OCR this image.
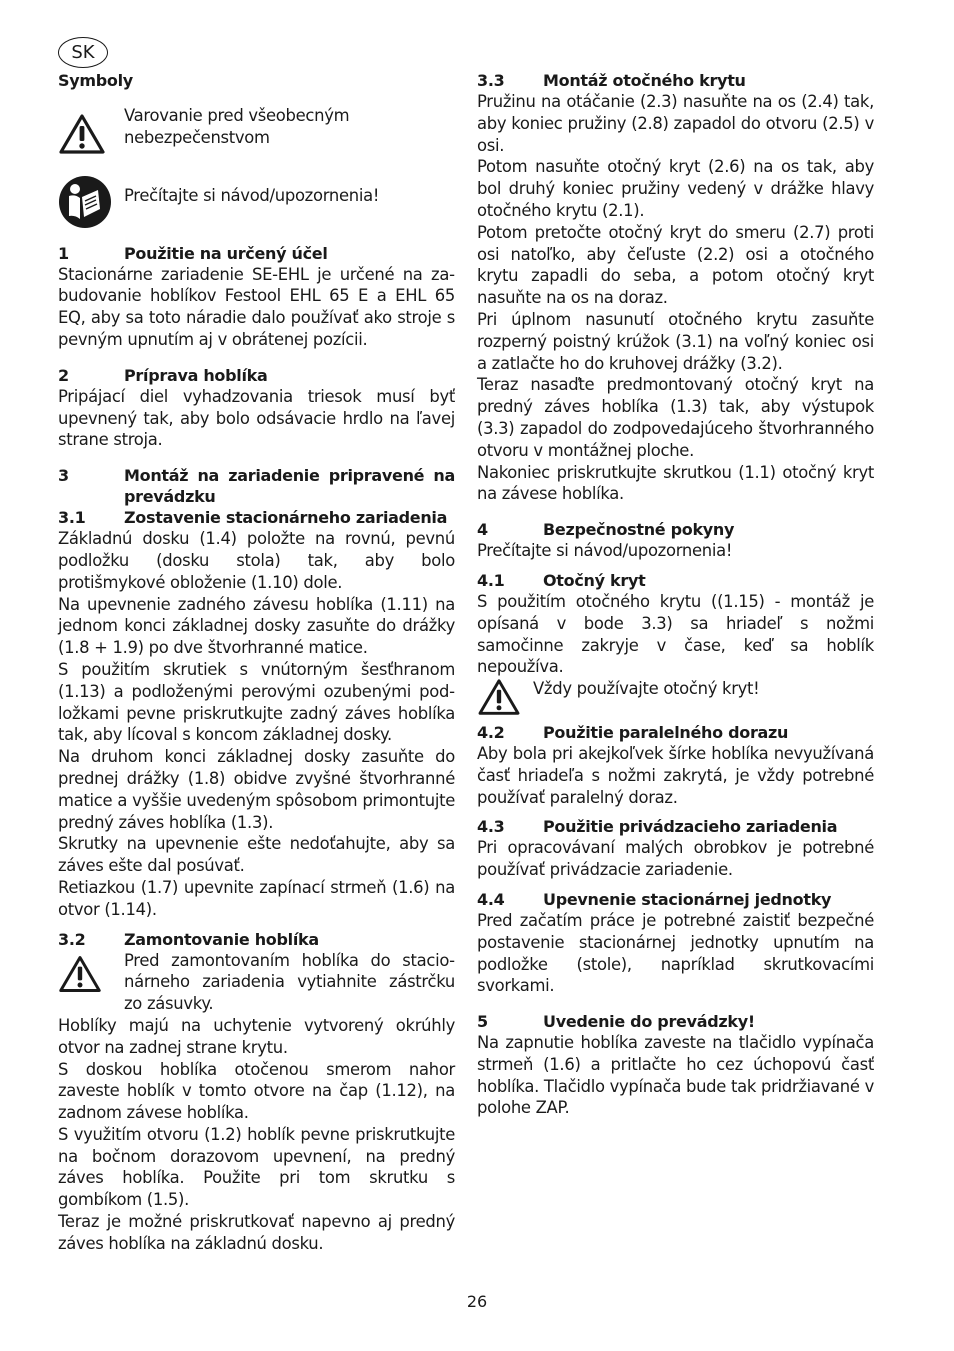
SK
Symboly

Varovanie pred všeobecným nebezpečenstvom

Prečítajte si návod/upozornenia!

1	Použitie na určený účel

Stacionárne zariadenie SE-EHL je určené na zabudovanie hoblíkov Festool EHL 65 E a EHL 65 EQ, aby sa toto náradie dalo používať ako stroje s pevným upnutím aj v obrátenej pozícii.

2	Príprava hoblíka

Pripájací diel vyhadzovania triesok musí byť upevnený tak, aby bolo odsávacie hrdlo na ľavej strane stroja.

3	Montáž na zariadenie pripravené na prevádzku
3.1	Zostavenie stacionárneho zariadenia

Základnú dosku (1.4) položte na rovnú, pevnú podložku (dosku stola) tak, aby bolo protišmykové obloženie (1.10) dole.

Na upevnenie zadného závesu hoblíka (1.11) na jednom konci základnej dosky zasuňte do drážky (1.8 + 1.9) po dve štvorhranné matice.

S použitím skrutiek s vnútorným šesťhranom (1.13) a podloženými perovými ozubenými podložkami pevne priskrutkujte zadný záves hoblíka tak, aby lícoval s koncom základnej dosky.

Na druhom konci základnej dosky zasuňte do prednej drážky (1.8) obidve zvyšné štvorhranné matice a vyššie uvedeným spôsobom primontujte predný záves hoblíka (1.3).

Skrutky na upevnenie ešte nedoťahujte, aby sa záves ešte dal posúvať.

Retiazkou (1.7) upevnite zapínací strmeň (1.6) na otvor (1.14).

3.2	Zamontovanie hoblíka

Pred zamontovaním hoblíka do stacionárneho zariadenia vytiahnite zástrčku zo zásuvky.

Hoblíky majú na uchytenie vytvorený okrúhly otvor na zadnej strane krytu.

S doskou hoblíka otočenou smerom nahor zaveste hoblík v tomto otvore na čap (1.12), na zadnom závese hoblíka.

S využitím otvoru (1.2) hoblík pevne priskrutkujte na bočnom dorazovom upevnení, na predný záves hoblíka. Použite pri tom skrutku s gombíkom (1.5).

Teraz je možné priskrutkovať napevno aj predný záves hoblíka na základnú dosku.

3.3	Montáž otočného krytu

Pružinu na otáčanie (2.3) nasuňte na os (2.4) tak, aby koniec pružiny (2.8) zapadol do otvoru (2.5) v osi.

Potom nasuňte otočný kryt (2.6) na os tak, aby bol druhý koniec pružiny vedený v drážke hlavy otočného krytu (2.1).

Potom pretočte otočný kryt do smeru (2.7) proti osi natoľko, aby čeľuste (2.2) osi a otočného krytu zapadli do seba, a potom otočný kryt nasuňte na os na doraz.

Pri úplnom nasunutí otočného krytu zasuňte rozperný poistný krúžok (3.1) na voľný koniec osi a zatlačte ho do kruhovej drážky (3.2).

Teraz nasaďte predmontovaný otočný kryt na predný záves hoblíka (1.3) tak, aby výstupok (3.3) zapadol do zodpovedajúceho štvorhranného otvoru v montážnej ploche.

Nakoniec priskrutkujte skrutkou (1.1) otočný kryt na závese hoblíka.

4	Bezpečnostné pokyny

Prečítajte si návod/upozornenia!

4.1	Otočný kryt

S použitím otočného krytu ((1.15) - montáž je opísaná v bode 3.3) sa hriadeľ s nožmi samočinne zakryje v čase, keď sa hoblík nepoužíva.

Vždy používajte otočný kryt!

4.2	Použitie paralelného dorazu

Aby bola pri akejkoľvek šírke hoblíka nevyužívaná časť hriadeľa s nožmi zakrytá, je vždy potrebné používať paralelný doraz.

4.3	Použitie privádzacieho zariadenia

Pri opracovávaní malých obrobkov je potrebné používať privádzacie zariadenie.

4.4	Upevnenie stacionárnej jednotky

Pred začatím práce je potrebné zaistiť bezpečné postavenie stacionárnej jednotky upnutím na podložke (stole), napríklad skrutkovacími svorkami.

5	Uvedenie do prevádzky!

Na zapnutie hoblíka zaveste na tlačidlo vypínača strmeň (1.6) a pritlačte ho cez úchopovú časť hoblíka. Tlačidlo vypínača bude tak pridržiavané v polohe ZAP.

26
